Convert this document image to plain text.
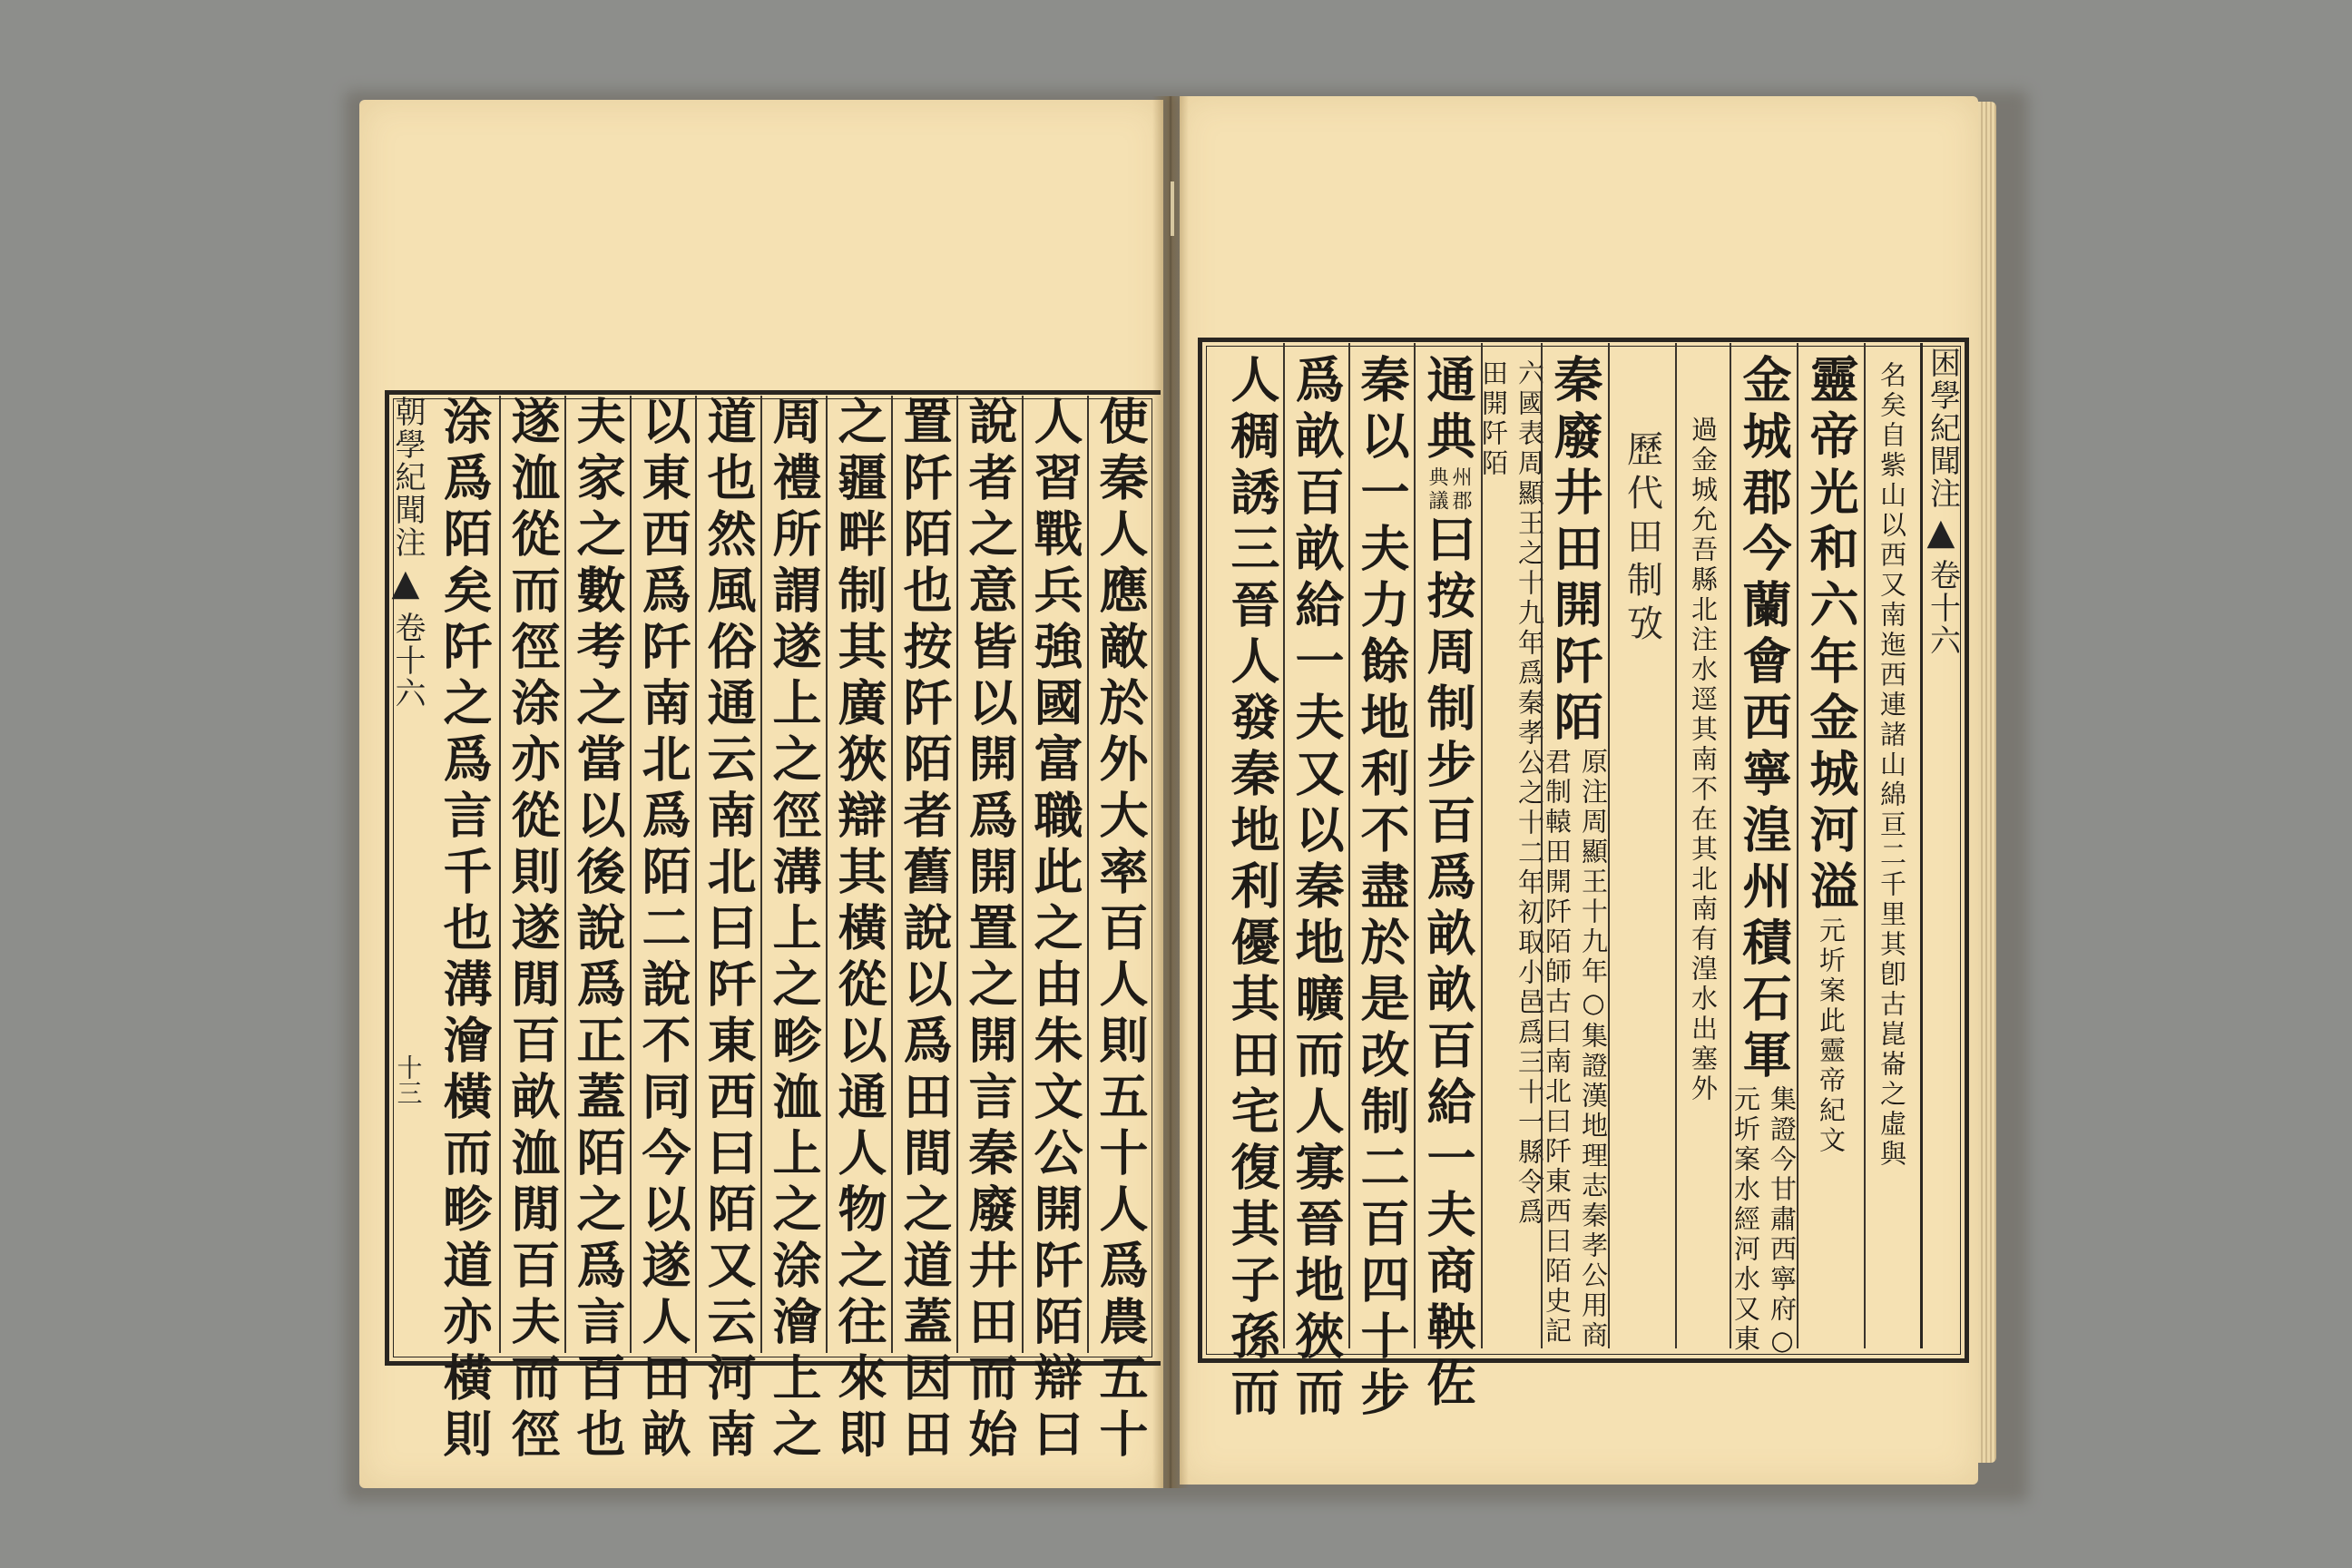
朝學紀聞注
◀
卷十六
十三	使秦人應敵於外大率百人則五十人爲農五十
人習戰兵強國富職此之由朱文公開阡陌辯曰
說者之意皆以開爲開置之開言秦廢井田而始
置阡陌也按阡陌者舊說以爲田間之道蓋因田
之疆畔制其廣狹辯其橫從以通人物之往來即
周禮所謂遂上之徑溝上之畛洫上之涂澮上之
道也然風俗通云南北曰阡東西曰陌又云河南
以東西爲阡南北爲陌二說不同今以遂人田畝
夫家之數考之當以後說爲正蓋陌之爲言百也
遂洫從而徑涂亦從則遂閒百畝洫閒百夫而徑
涂爲陌矣阡之爲言千也溝澮橫而畛道亦橫則	困學紀聞注
◀
卷十六
名矣自紫山以西又南迤西連諸山綿亘二千里其卽古崑崙之虛與
靈帝光和六年金城河溢
元圻案此靈帝紀文
金城郡今蘭會西寧湟州積石軍
集證今甘肅西寧府○
元圻案水經河水又東
過金城允吾縣北注水逕其南不在其北南有湟水出塞外
歷代田制攷
秦廢井田開阡陌
原注周顯王十九年○集證漢地理志秦孝公用商
君制轅田開阡陌師古曰南北曰阡東西曰陌史記
六國表周顯王之十九年爲秦孝公之十二年初取小邑爲三十一縣令爲
田開阡陌
通典
州郡
典議
曰按周制步百爲畝畝百給一夫商鞅佐
秦以一夫力餘地利不盡於是改制二百四十步
爲畝百畝給一夫又以秦地曠而人寡晉地狹而
人稠誘三晉人發秦地利優其田宅復其子孫而
